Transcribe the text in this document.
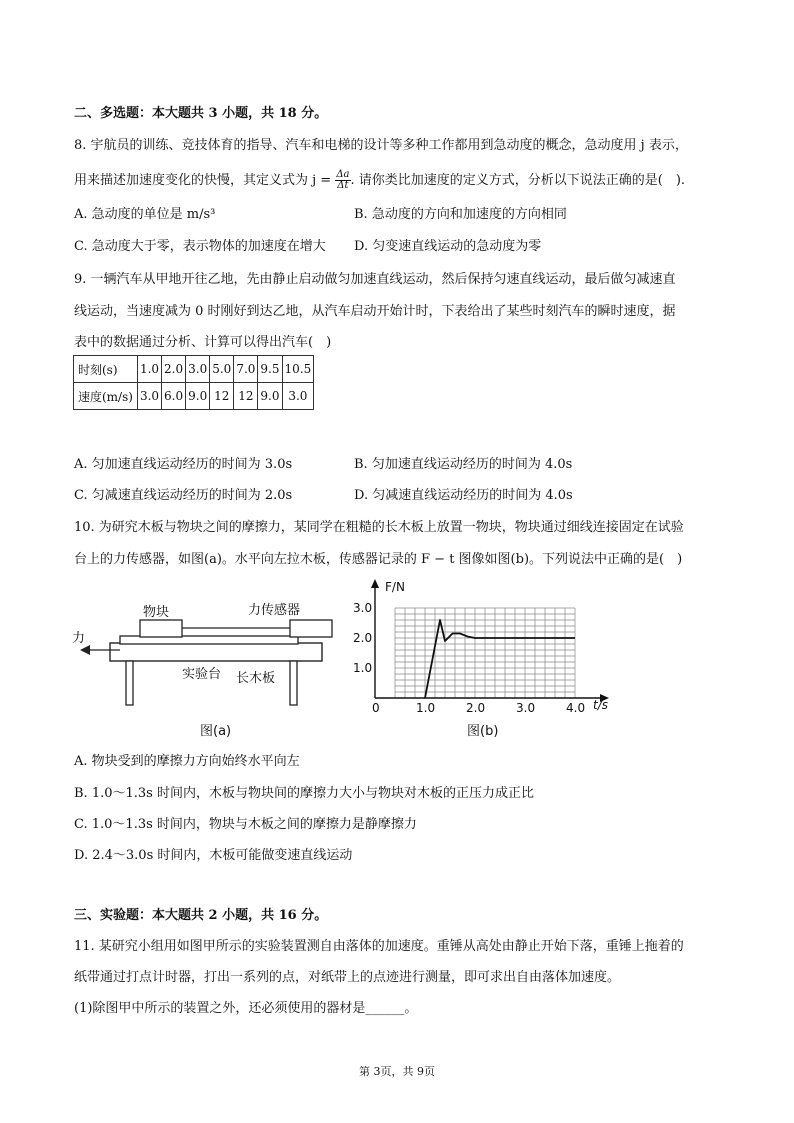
二、多选题：本大题共 3 小题，共 18 分。
8. 宇航员的训练、竞技体育的指导、汽车和电梯的设计等多种工作都用到急动度的概念，急动度用 j 表示，
用来描述加速度变化的快慢，其定义式为 $j = \frac{\Delta a}{\Delta t}$ . 请你类比加速度的定义方式，分析以下说法正确的是(　).
A. 急动度的单位是 m/s³	B. 急动度的方向和加速度的方向相同
C. 急动度大于零，表示物体的加速度在增大 D. 匀变速直线运动的急动度为零
9. 一辆汽车从甲地开往乙地，先由静止启动做匀加速直线运动，然后保持匀速直线运动，最后做匀减速直
线运动，当速度减为 0 时刚好到达乙地，从汽车启动开始计时，下表给出了某些时刻汽车的瞬时速度，据
表中的数据通过分析、计算可以得出汽车(　)
时刻(s)	1.0	2.0	3.0	5.0	7.0	9.5	10.5
速度(m/s)	3.0	6.0	9.0	12	12	9.0	3.0
A. 匀加速直线运动经历的时间为 3.0s	B. 匀加速直线运动经历的时间为 4.0s
C. 匀减速直线运动经历的时间为 2.0s	D. 匀减速直线运动经历的时间为 4.0s
10. 为研究木板与物块之间的摩擦力，某同学在粗糙的长木板上放置一物块，物块通过细线连接固定在试验
台上的力传感器，如图(a)。水平向左拉木板，传感器记录的 F − t 图像如图(b)。下列说法中正确的是(　)
物块	力传感器
力
实验台 长木板
图(a)
0	1.0	2.0	3.0	4.0
1.0
2.0
3.0
F/N
t/s
图(b)
A. 物块受到的摩擦力方向始终水平向左
B. 1.0～1.3s 时间内，木板与物块间的摩擦力大小与物块对木板的正压力成正比
C. 1.0～1.3s 时间内，物块与木板之间的摩擦力是静摩擦力
D. 2.4～3.0s 时间内，木板可能做变速直线运动
三、实验题：本大题共 2 小题，共 16 分。
11. 某研究小组用如图甲所示的实验装置测自由落体的加速度。重锤从高处由静止开始下落，重锤上拖着的
纸带通过打点计时器，打出一系列的点，对纸带上的点迹进行测量，即可求出自由落体加速度。
(1)除图甲中所示的装置之外，还必须使用的器材是______。
第 3页，共 9页
